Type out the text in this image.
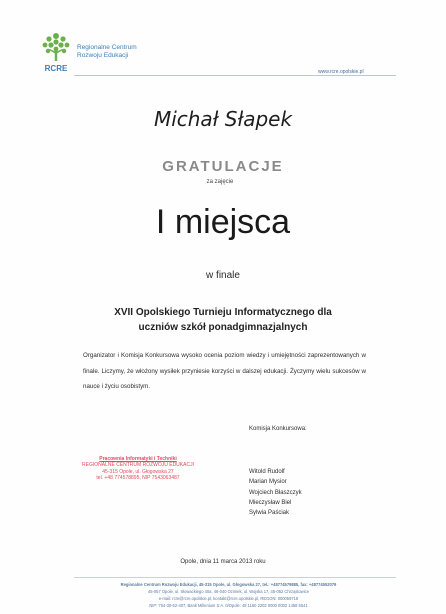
RCRE
Regionalne Centrum
Rozwoju Edukacji
www.rcre.opolskie.pl
Michał Słapek
GRATULACJE
za zajęcie
I miejsca
w finale
XVII Opolskiego Turnieju Informatycznego dla
uczniów szkół ponadgimnazjalnych
Organizator i Komisja Konkursowa wysoko ocenia poziom wiedzy i umiejętności zaprezentowanych w finale. Liczymy, że włożony wysiłek przyniesie korzyści w dalszej edukacji. Życzymy wielu sukcesów w nauce i życiu osobistym.
Pracownia Informatyki i Techniki
REGIONALNE CENTRUM ROZWOJU EDUKACJI
45-315 Opole, ul. Głogowska 27
tel. +48 774578895, NIP 7543063487
Komisja Konkursowa:
Witold Rudolf
Marian Mysior
Wojciech Błaszczyk
Mieczysław Biel
Sylwia Paściak
Opole, dnia 11 marca 2013 roku
Regionalne Centrum Rozwoju Edukacji, 45-315 Opole, ul. Głogowska 27, tel.: +48774579885, fax: +48774552079
45-057 Opole, ul. Słowackiego 40a, 46-040 Ozimek, ul. Wojska 17, 45-052 Chrząstowice
e-mail: rcre@rcre.opolskie.pl, kontakt@rcre.opolskie.pl, REGON: 000059718
NIP: 754-30-62-407, Bank Millenium S.A. 0/Opole: 48 1160 2202 0000 0002 1458 5541
